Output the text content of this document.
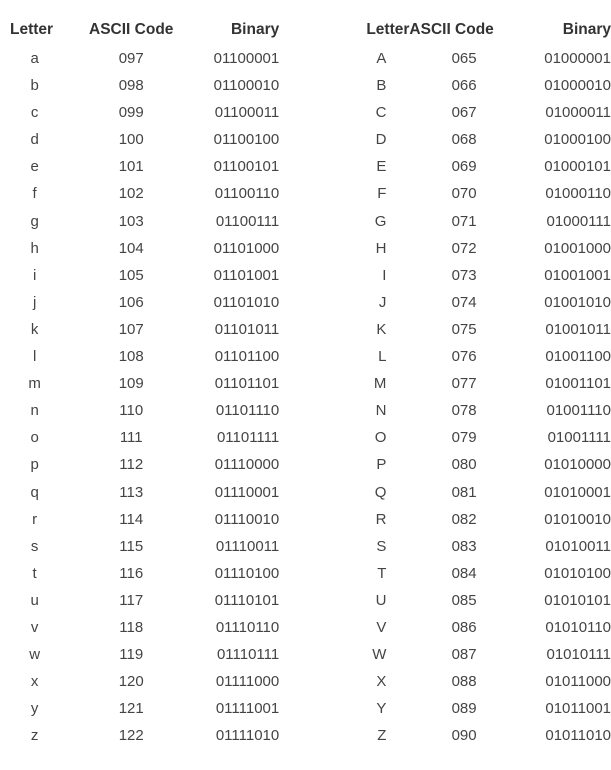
Letter	ASCII Code	Binary	Letter	ASCII Code	Binary
a	097	01100001	A	065	01000001
b	098	01100010	B	066	01000010
c	099	01100011	C	067	01000011
d	100	01100100	D	068	01000100
e	101	01100101	E	069	01000101
f	102	01100110	F	070	01000110
g	103	01100111	G	071	01000111
h	104	01101000	H	072	01001000
i	105	01101001	I	073	01001001
j	106	01101010	J	074	01001010
k	107	01101011	K	075	01001011
l	108	01101100	L	076	01001100
m	109	01101101	M	077	01001101
n	110	01101110	N	078	01001110
o	111	01101111	O	079	01001111
p	112	01110000	P	080	01010000
q	113	01110001	Q	081	01010001
r	114	01110010	R	082	01010010
s	115	01110011	S	083	01010011
t	116	01110100	T	084	01010100
u	117	01110101	U	085	01010101
v	118	01110110	V	086	01010110
w	119	01110111	W	087	01010111
x	120	01111000	X	088	01011000
y	121	01111001	Y	089	01011001
z	122	01111010	Z	090	01011010
